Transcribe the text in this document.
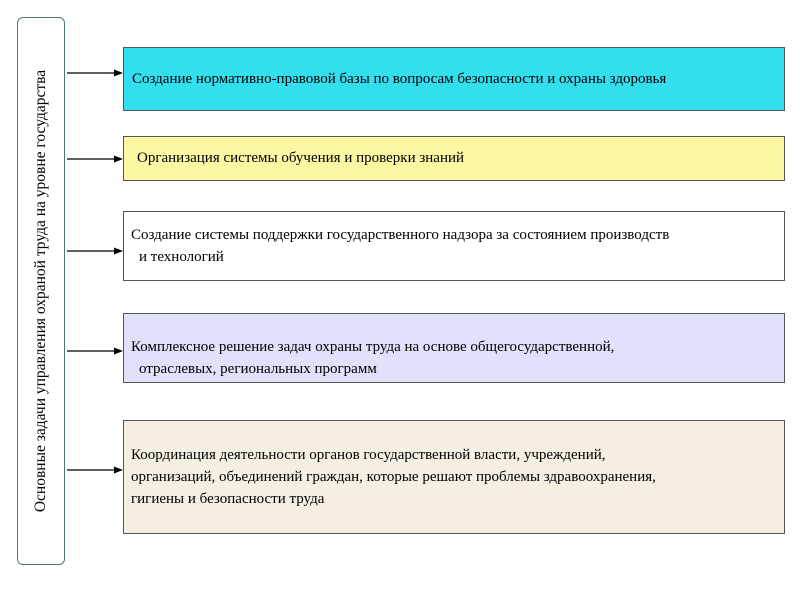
Основные задачи управления охраной труда на уровне государства	Создание нормативно-правовой базы по вопросам безопасности и охраны здоровья
Организация системы обучения и проверки знаний
Создание системы поддержки государственного надзора за состоянием производств
и технологий
Комплексное решение задач охраны труда на основе общегосударственной,
отраслевых, региональных программ
Координация деятельности органов государственной власти, учреждений,
организаций, объединений граждан, которые решают проблемы здравоохранения,
гигиены и безопасности труда
